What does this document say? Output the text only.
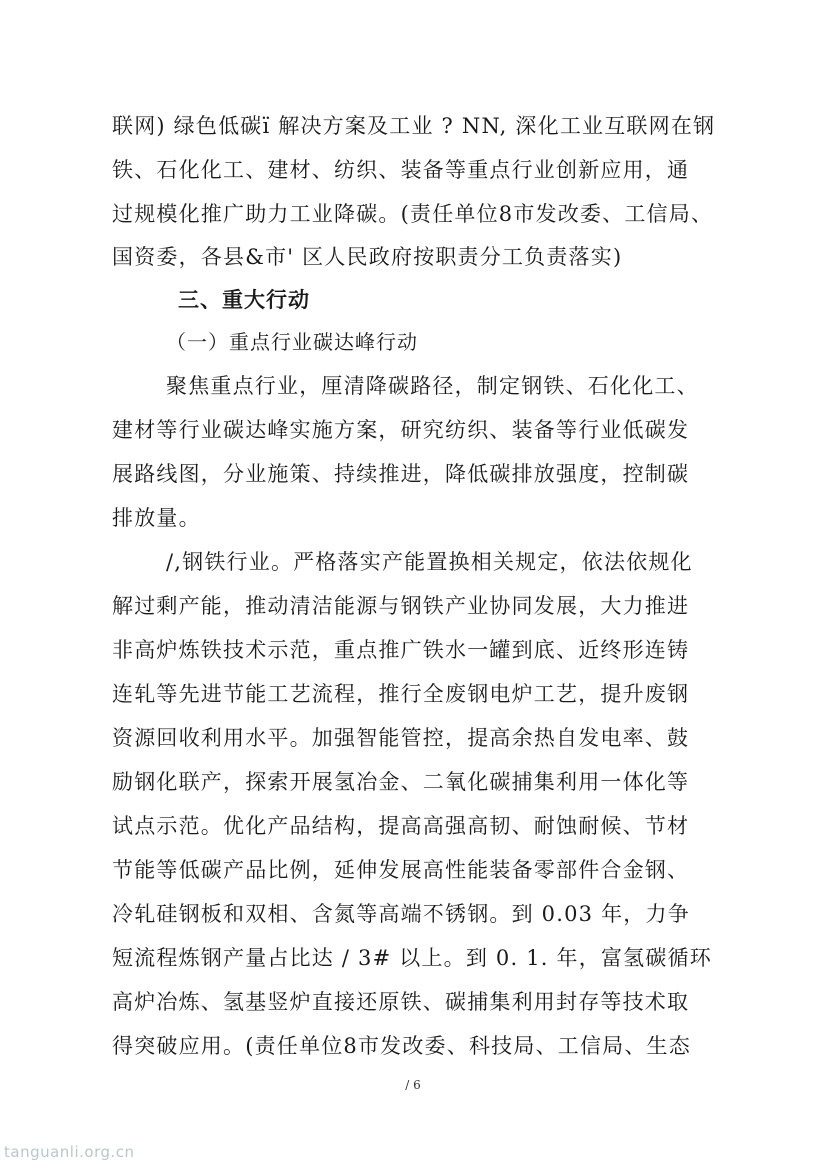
联网) 绿色低碳ï 解决方案及工业 ? NN, 深化工业互联网在钢
铁、石化化工、建材、纺织、装备等重点行业创新应用，通
过规模化推广助力工业降碳。(责任单位8市发改委、工信局、
国资委，各县&市' 区人民政府按职责分工负责落实)
三、重大行动
（一）重点行业碳达峰行动
聚焦重点行业，厘清降碳路径，制定钢铁、石化化工、
建材等行业碳达峰实施方案，研究纺织、装备等行业低碳发
展路线图，分业施策、持续推进，降低碳排放强度，控制碳
排放量。
/,钢铁行业。严格落实产能置换相关规定，依法依规化
解过剩产能，推动清洁能源与钢铁产业协同发展，大力推进
非高炉炼铁技术示范，重点推广铁水一罐到底、近终形连铸
连轧等先进节能工艺流程，推行全废钢电炉工艺，提升废钢
资源回收利用水平。加强智能管控，提高余热自发电率、鼓
励钢化联产，探索开展氢冶金、二氧化碳捕集利用一体化等
试点示范。优化产品结构，提高高强高韧、耐蚀耐候、节材
节能等低碳产品比例，延伸发展高性能装备零部件合金钢、
冷轧硅钢板和双相、含氮等高端不锈钢。到 0.03 年，力争
短流程炼钢产量占比达 / 3# 以上。到 0. 1. 年，富氢碳循环
高炉冶炼、氢基竖炉直接还原铁、碳捕集利用封存等技术取
得突破应用。(责任单位8市发改委、科技局、工信局、生态
/ 6
tanguanli.org.cn
